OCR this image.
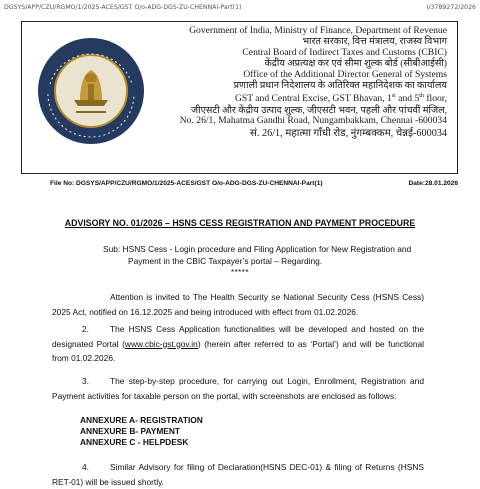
DGSYS/APP/CZU/RGMO/1/2025-ACES/GST O/o-ADG-DGS-ZU-CHENNAI-Part(1)	I/3789272/2026
Government of India, Ministry of Finance, Department of Revenue
भारत सरकार, वित्त मंत्रालय, राजस्व विभाग
Central Board of Indirect Taxes and Customs (CBIC)
केंद्रीय अप्रत्यक्ष कर एवं सीमा शुल्क बोर्ड (सीबीआईसी)
Office of the Additional Director General of Systems
प्रणाली प्रधान निदेशालय के अतिरिक्त महानिदेशक का कार्यालय
GST and Central Excise, GST Bhavan, 1st and 5th floor,
जीएसटी और केंद्रीय उत्पाद शुल्क, जीएसटी भवन, पहली और पांचवीं मंजिल,
No. 26/1, Mahatma Gandhi Road, Nungambakkam, Chennai -600034
सं. 26/1, महात्मा गाँधी रोड, नुंगम्बक्कम, चेन्नई-600034
File No: DGSYS/APP/CZU/RGMO/1/2025-ACES/GST O/o-ADG-DGS-ZU-CHENNAI-Part(1)	Date:28.01.2026
ADVISORY NO. 01/2026 – HSNS CESS REGISTRATION AND PAYMENT PROCEDURE
Sub: HSNS Cess - Login procedure and Filing Application for New Registration and
Payment in the CBIC Taxpayer’s portal – Regarding.
*****
Attention is invited to The Health Security se National Security Cess (HSNS Cess) 2025 Act, notified on 16.12.2025 and being introduced with effect from 01.02.2026.
2.	The HSNS Cess Application functionalities will be developed and hosted on the designated Portal (www.cbic-gst.gov.in) (herein after referred to as ‘Portal’) and will be functional from 01.02.2026.
3.	The step-by-step procedure, for carrying out Login, Enrollment, Registration and Payment activities for taxable person on the portal, with screenshots are enclosed as follows:
ANNEXURE A- REGISTRATION
ANNEXURE B- PAYMENT
ANNEXURE C - HELPDESK
4.	Similar Advisory for filing of Declaration(HSNS DEC-01) & filing of Returns (HSNS RET-01) will be issued shortly.
